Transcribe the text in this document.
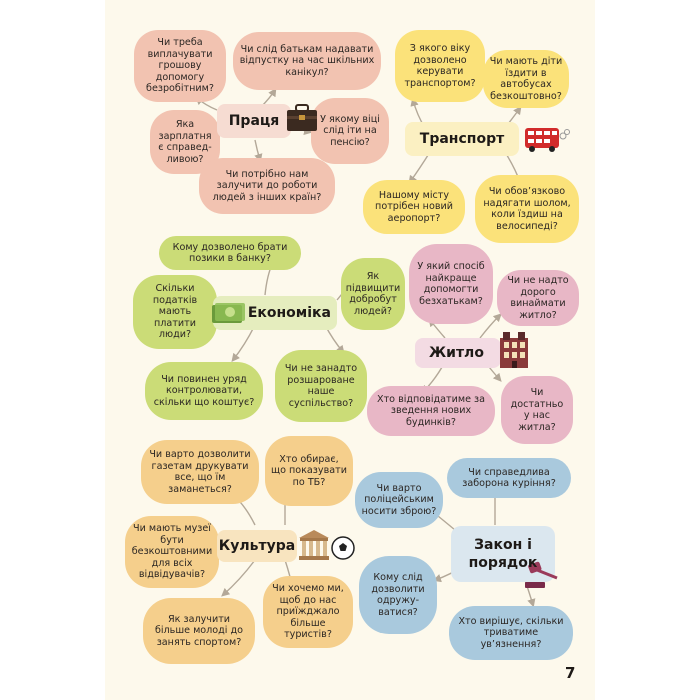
Чи треба виплачувати грошову допомогу безробітним?
Чи слід батькам надавати відпустку на час шкільних канікул?
Яка зарплатня є справедливою?
У якому віці слід іти на пенсію?
Чи потрібно нам залучити до роботи людей з інших країн?
Праця
З якого віку дозволено керувати транспортом?
Чи мають діти їздити в автобусах безкоштовно?
Нашому місту потрібен новий аеропорт?
Чи обов’язково надягати шолом, коли їздиш на велосипеді?
Транспорт
Кому дозволено брати позики в банку?
Скільки податків мають платити люди?
Як підвищити добробут людей?
Чи повинен уряд контролювати, скільки що коштує?
Чи не занадто розшароване наше суспільство?
Економіка
У який спосіб найкраще допомогти безхатькам?
Чи не надто дорого винаймати житло?
Хто відповідатиме за зведення нових будинків?
Чи достатньо у нас житла?
Житло
Чи варто дозволити газетам друкувати все, що їм заманеться?
Хто обирає, що показувати по ТБ?
Чи мають музеї бути безкоштовними для всіх відвідувачів?
Як залучити більше молоді до занять спортом?
Чи хочемо ми, щоб до нас приїжджало більше туристів?
Культура
Чи справедлива заборона куріння?
Чи варто поліцейським носити зброю?
Кому слід дозволити одружуватися?
Хто вирішує, скільки триватиме ув’язнення?
Закон і порядок
7
